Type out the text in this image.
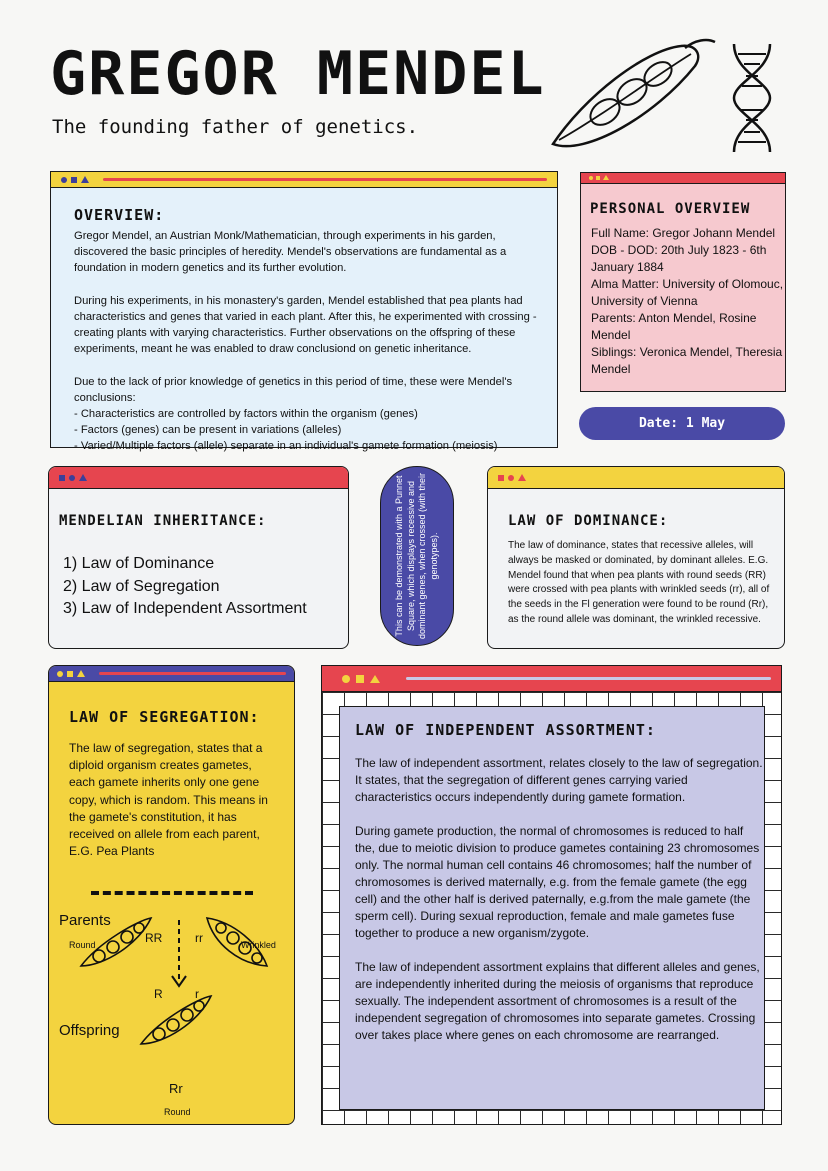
GREGOR MENDEL
The founding father of genetics.
OVERVIEW:

Gregor Mendel, an Austrian Monk/Mathematician, through experiments in his garden, discovered the basic principles of heredity. Mendel's observations are fundamental as a foundation in modern genetics and its further evolution.

During his experiments, in his monastery's garden, Mendel established that pea plants had characteristics and genes that varied in each plant. After this, he experimented with crossing - creating plants with varying characteristics. Further observations on the offspring of these experiments, meant he was enabled to draw conclusiond on genetic inheritance.

Due to the lack of prior knowledge of genetics in this period of time, these were Mendel's conclusions:
- Characteristics are controlled by factors within the organism (genes)
- Factors (genes) can be present in variations (alleles)
- Varied/Multiple factors (allele) separate in an individual's gamete formation (meiosis)
PERSONAL OVERVIEW
Full Name: Gregor Johann Mendel
DOB - DOD: 20th July 1823 - 6th January 1884
Alma Matter: University of Olomouc, University of Vienna
Parents: Anton Mendel, Rosine Mendel
Siblings: Veronica Mendel, Theresia Mendel
Date: 1 May
MENDELIAN INHERITANCE:
1) Law of Dominance
2) Law of Segregation
3) Law of Independent Assortment	This can be demonstrated with a Punnet Square, which displays recessive and dominant genes, when crossed (with their genotypes).
LAW OF DOMINANCE:
The law of dominance, states that recessive alleles, will always be masked or dominated, by dominant alleles. E.G. Mendel found that when pea plants with round seeds (RR) were crossed with pea plants with wrinkled seeds (rr), all of the seeds in the Fl generation were found to be round (Rr), as the round allele was dominant, the wrinkled recessive.
LAW OF SEGREGATION:
The law of segregation, states that a diploid organism creates gametes, each gamete inherits only one gene copy, which is random. This means in the gamete's constitution, it has received on allele from each parent, E.G. Pea Plants
Parents
Round	RR	rr	Wrinkled
R	r
Offspring
Rr
Round
LAW OF INDEPENDENT ASSORTMENT:

The law of independent assortment, relates closely to the law of segregation. It states, that the segregation of different genes carrying varied characteristics occurs independently during gamete formation.

During gamete production, the normal of chromosomes is reduced to half the, due to meiotic division to produce gametes containing 23 chromosomes only. The normal human cell contains 46 chromosomes; half the number of chromosomes is derived maternally, e.g. from the female gamete (the egg cell) and the other half is derived paternally, e.g.from the male gamete (the sperm cell). During sexual reproduction, female and male gametes fuse together to produce a new organism/zygote.

The law of independent assortment explains that different alleles and genes, are independently inherited during the meiosis of organisms that reproduce sexually. The independent assortment of chromosomes is a result of the independent segregation of chromosomes into separate gametes. Crossing over takes place where genes on each chromosome are rearranged.
